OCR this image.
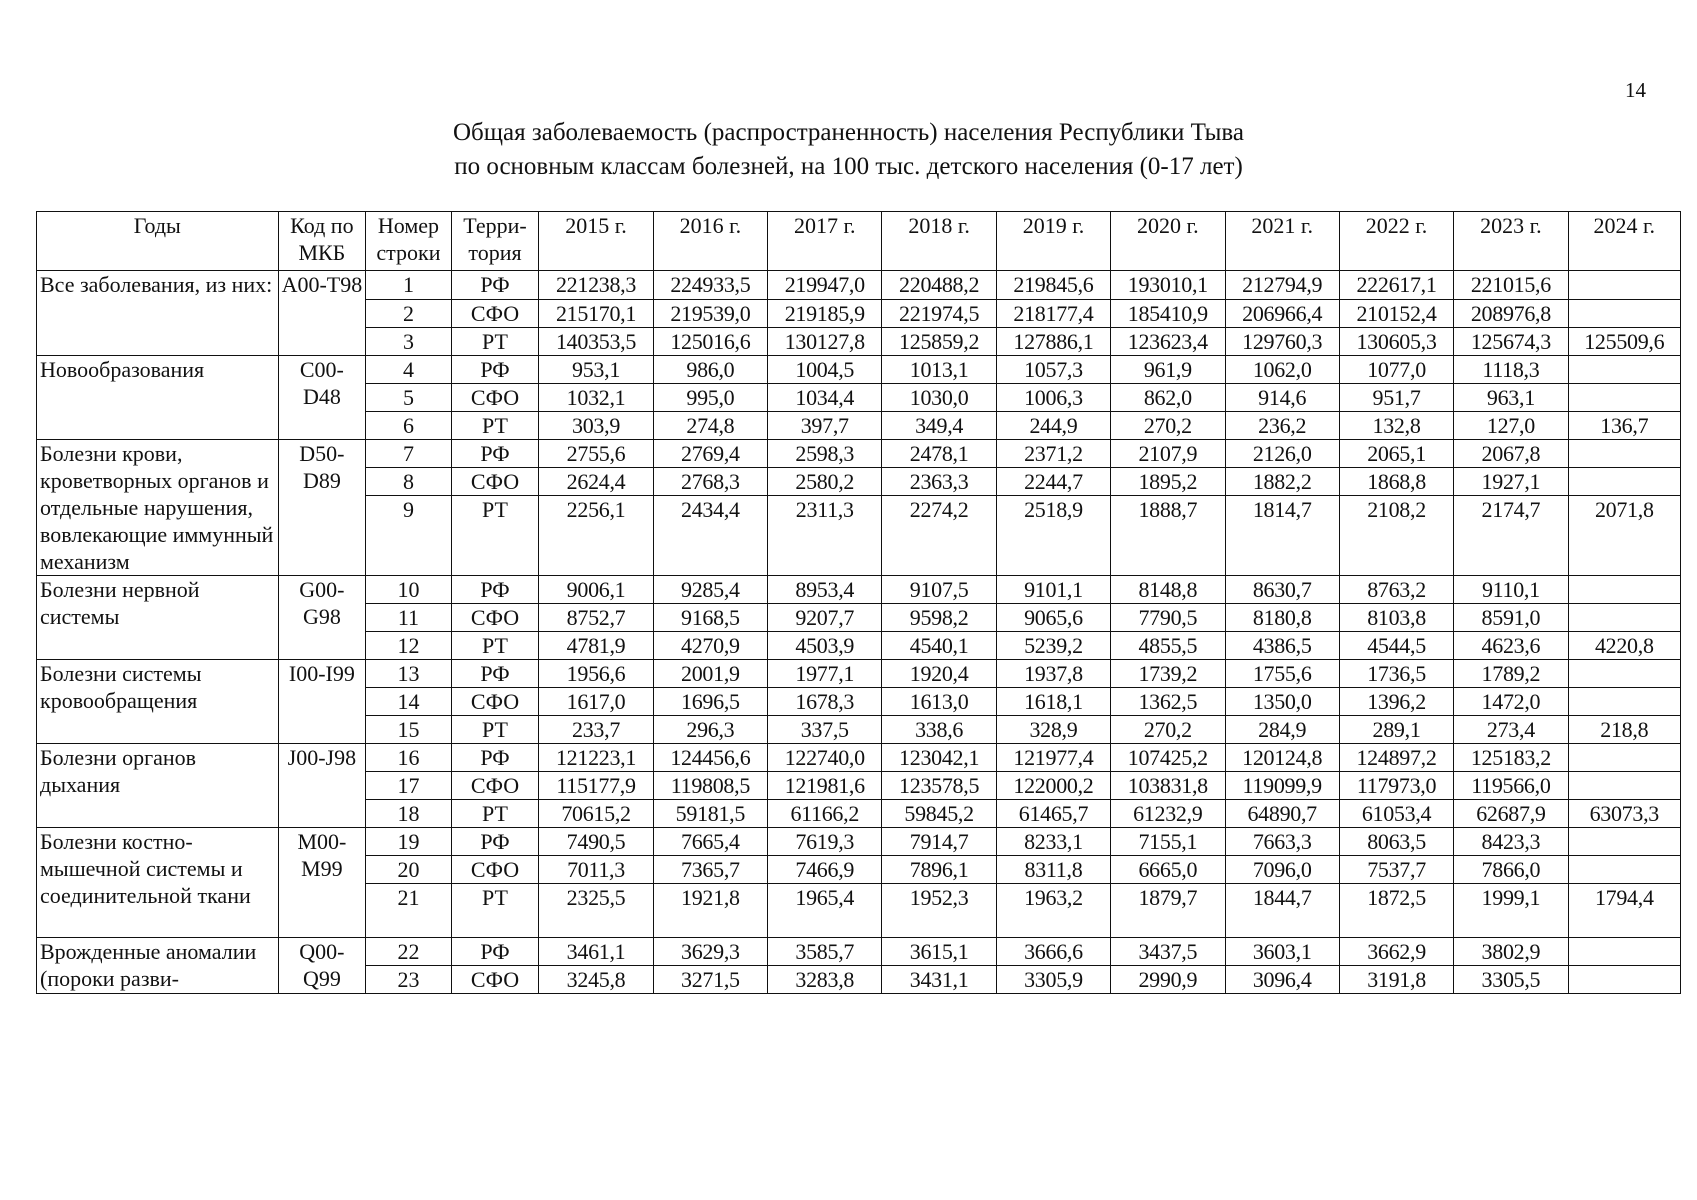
14
Общая заболеваемость (распространенность) населения Республики Тыва
по основным классам болезней, на 100 тыс. детского населения (0-17 лет)
Годы	Код по МКБ	Номер строки	Терри-тория	2015 г.	2016 г.	2017 г.	2018 г.	2019 г.	2020 г.	2021 г.	2022 г.	2023 г.	2024 г.
Все заболевания, из них:	A00-T98	1	РФ	221238,3	224933,5	219947,0	220488,2	219845,6	193010,1	212794,9	222617,1	221015,6	
		2	СФО	215170,1	219539,0	219185,9	221974,5	218177,4	185410,9	206966,4	210152,4	208976,8	
		3	РТ	140353,5	125016,6	130127,8	125859,2	127886,1	123623,4	129760,3	130605,3	125674,3	125509,6
Новообразования	C00-D48	4	РФ	953,1	986,0	1004,5	1013,1	1057,3	961,9	1062,0	1077,0	1118,3	
		5	СФО	1032,1	995,0	1034,4	1030,0	1006,3	862,0	914,6	951,7	963,1	
		6	РТ	303,9	274,8	397,7	349,4	244,9	270,2	236,2	132,8	127,0	136,7
Болезни крови, кроветворных органов и отдельные нарушения, вовлекающие иммунный механизм	D50-D89	7	РФ	2755,6	2769,4	2598,3	2478,1	2371,2	2107,9	2126,0	2065,1	2067,8	
		8	СФО	2624,4	2768,3	2580,2	2363,3	2244,7	1895,2	1882,2	1868,8	1927,1	
		9	РТ	2256,1	2434,4	2311,3	2274,2	2518,9	1888,7	1814,7	2108,2	2174,7	2071,8
Болезни нервной системы	G00-G98	10	РФ	9006,1	9285,4	8953,4	9107,5	9101,1	8148,8	8630,7	8763,2	9110,1	
		11	СФО	8752,7	9168,5	9207,7	9598,2	9065,6	7790,5	8180,8	8103,8	8591,0	
		12	РТ	4781,9	4270,9	4503,9	4540,1	5239,2	4855,5	4386,5	4544,5	4623,6	4220,8
Болезни системы кровообращения	I00-I99	13	РФ	1956,6	2001,9	1977,1	1920,4	1937,8	1739,2	1755,6	1736,5	1789,2	
		14	СФО	1617,0	1696,5	1678,3	1613,0	1618,1	1362,5	1350,0	1396,2	1472,0	
		15	РТ	233,7	296,3	337,5	338,6	328,9	270,2	284,9	289,1	273,4	218,8
Болезни органов дыхания	J00-J98	16	РФ	121223,1	124456,6	122740,0	123042,1	121977,4	107425,2	120124,8	124897,2	125183,2	
		17	СФО	115177,9	119808,5	121981,6	123578,5	122000,2	103831,8	119099,9	117973,0	119566,0	
		18	РТ	70615,2	59181,5	61166,2	59845,2	61465,7	61232,9	64890,7	61053,4	62687,9	63073,3
Болезни костно-мышечной системы и соединительной ткани	M00-M99	19	РФ	7490,5	7665,4	7619,3	7914,7	8233,1	7155,1	7663,3	8063,5	8423,3	
		20	СФО	7011,3	7365,7	7466,9	7896,1	8311,8	6665,0	7096,0	7537,7	7866,0	
		21	РТ	2325,5	1921,8	1965,4	1952,3	1963,2	1879,7	1844,7	1872,5	1999,1	1794,4
Врожденные аномалии (пороки разви-	Q00-Q99	22	РФ	3461,1	3629,3	3585,7	3615,1	3666,6	3437,5	3603,1	3662,9	3802,9	
		23	СФО	3245,8	3271,5	3283,8	3431,1	3305,9	2990,9	3096,4	3191,8	3305,5	
